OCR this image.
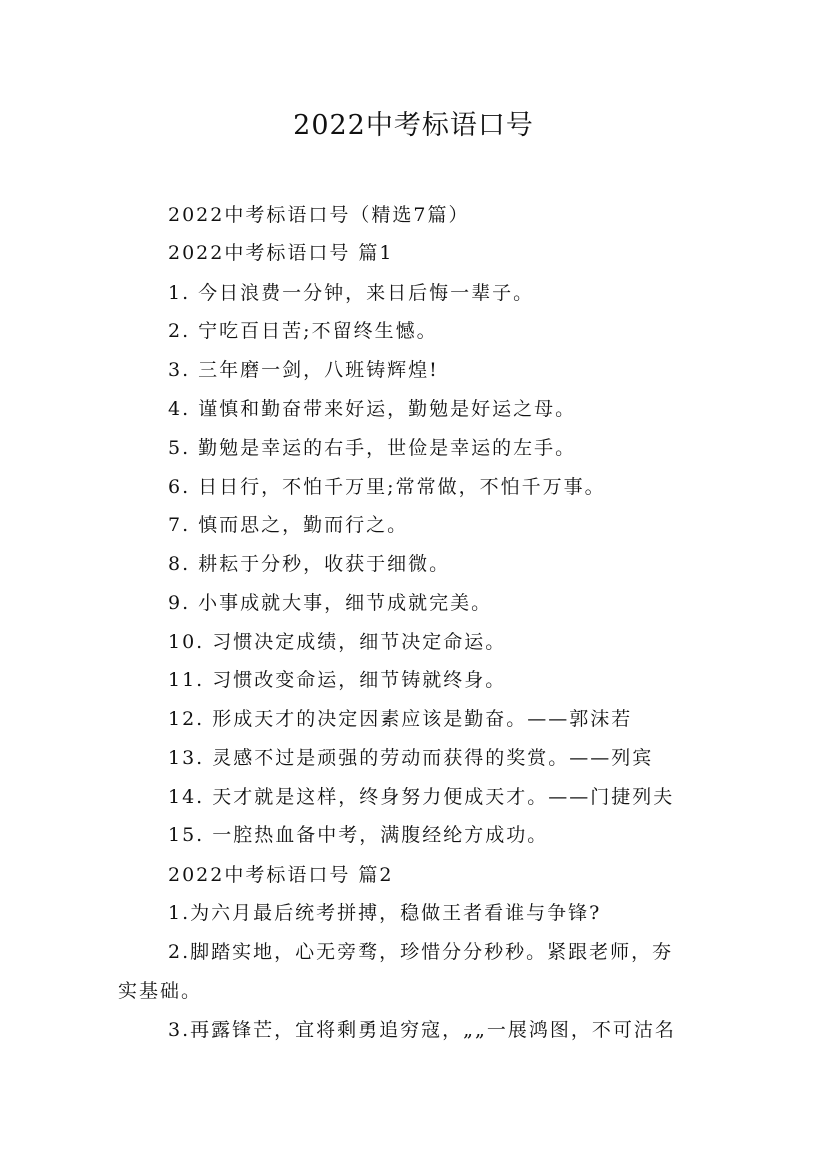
2022中考标语口号
2022中考标语口号（精选7篇）
2022中考标语口号 篇1
1. 今日浪费一分钟，来日后悔一辈子。
2. 宁吃百日苦;不留终生憾。
3. 三年磨一剑，八班铸辉煌!
4. 谨慎和勤奋带来好运，勤勉是好运之母。
5. 勤勉是幸运的右手，世俭是幸运的左手。
6. 日日行，不怕千万里;常常做，不怕千万事。
7. 慎而思之，勤而行之。
8. 耕耘于分秒，收获于细微。
9. 小事成就大事，细节成就完美。
10. 习惯决定成绩，细节决定命运。
11. 习惯改变命运，细节铸就终身。
12. 形成天才的决定因素应该是勤奋。——郭沫若
13. 灵感不过是顽强的劳动而获得的奖赏。——列宾
14. 天才就是这样，终身努力便成天才。——门捷列夫
15. 一腔热血备中考，满腹经纶方成功。
2022中考标语口号 篇2
1.为六月最后统考拼搏，稳做王者看谁与争锋?
2.脚踏实地，心无旁骛，珍惜分分秒秒。紧跟老师，夯
实基础。
3.再露锋芒，宜将剩勇追穷寇，„„一展鸿图，不可沽名
